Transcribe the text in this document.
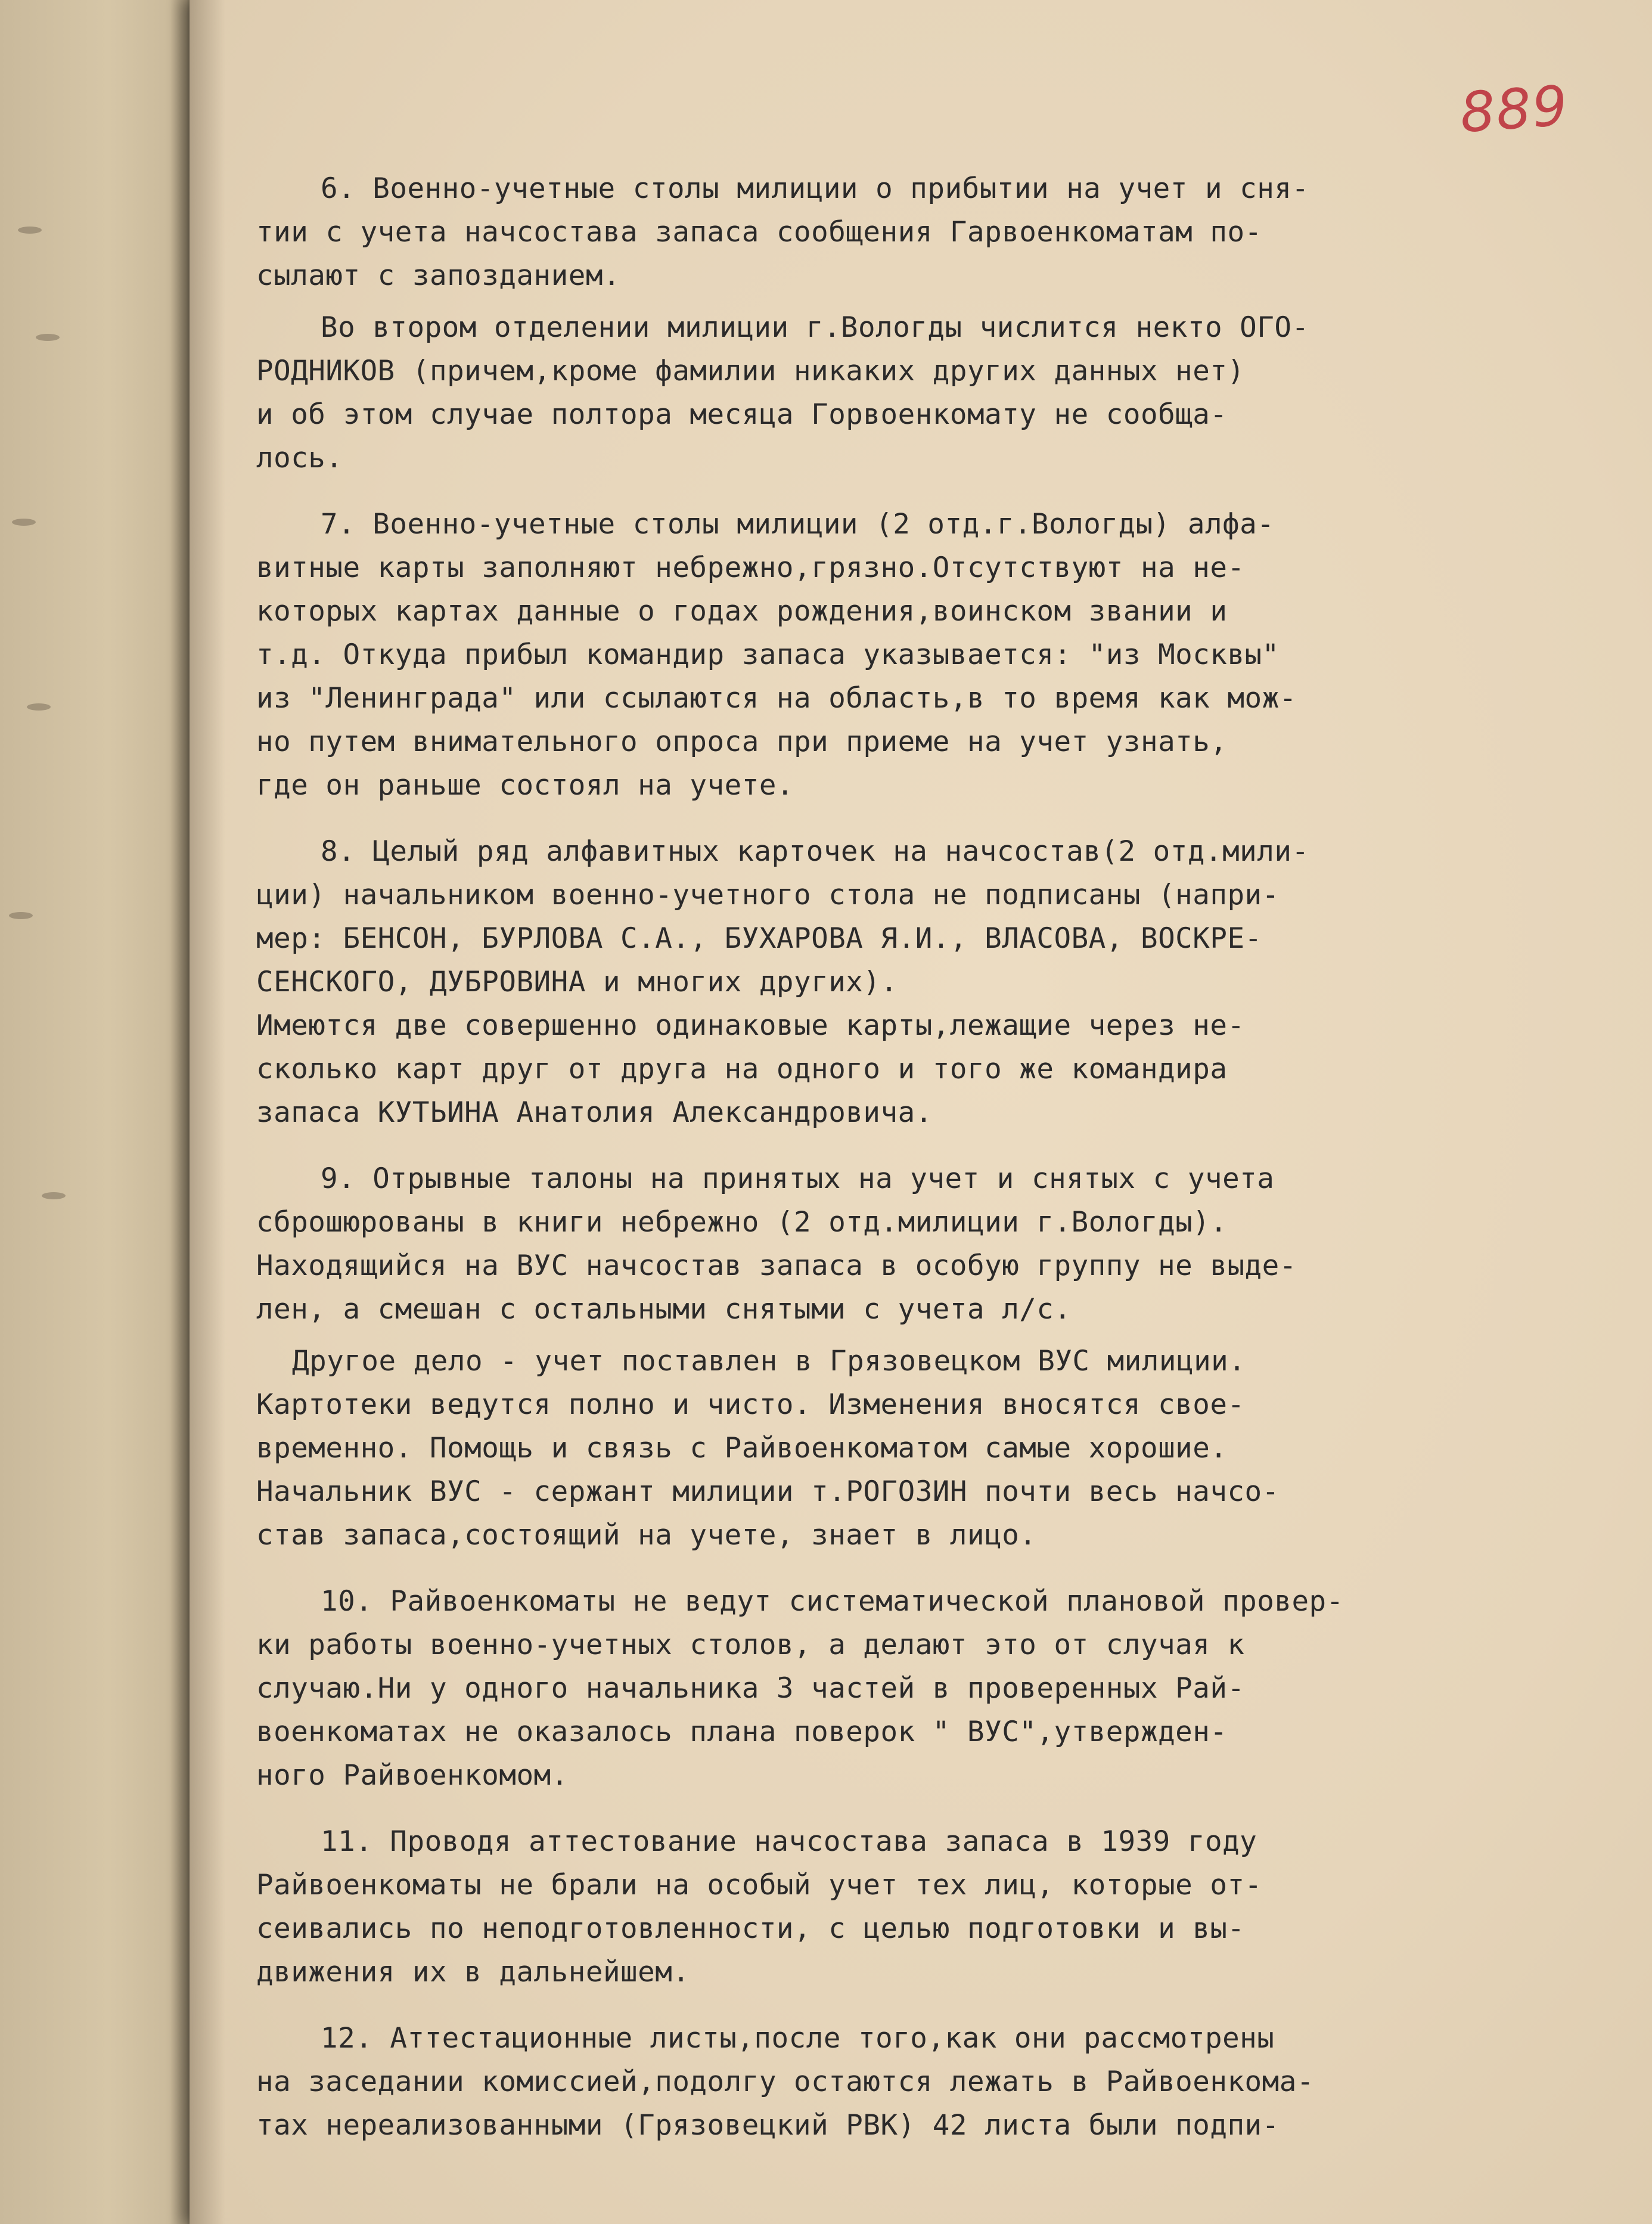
889
6. Военно-учетные столы милиции о прибытии на учет и сня-
тии с учета начсостава запаса сообщения Гарвоенкоматам по-
сылают с запозданием.
Во втором отделении милиции г.Вологды числится некто ОГО-
РОДНИКОВ (причем,кроме фамилии никаких других данных нет)
и об этом случае полтора месяца Горвоенкомату не сообща-
лось.
7. Военно-учетные столы милиции (2 отд.г.Вологды) алфа-
витные карты заполняют небрежно,грязно.Отсутствуют на не-
которых картах данные о годах рождения,воинском звании и
т.д. Откуда прибыл командир запаса указывается: "из Москвы"
из "Ленинграда" или ссылаются на область,в то время как мож-
но путем внимательного опроса при приеме на учет узнать,
где он раньше состоял на учете.
8. Целый ряд алфавитных карточек на начсостав(2 отд.мили-
ции) начальником военно-учетного стола не подписаны (напри-
мер: БЕНСОН, БУРЛОВА С.А., БУХАРОВА Я.И., ВЛАСОВА, ВОСКРЕ-
СЕНСКОГО, ДУБРОВИНА и многих других).
Имеются две совершенно одинаковые карты,лежащие через не-
сколько карт друг от друга на одного и того же командира
запаса КУТЬИНА Анатолия Александровича.
9. Отрывные талоны на принятых на учет и снятых с учета
сброшюрованы в книги небрежно (2 отд.милиции г.Вологды).
Находящийся на ВУС начсостав запаса в особую группу не выде-
лен, а смешан с остальными снятыми с учета л/с.
Другое дело - учет поставлен в Грязовецком ВУС милиции.
Картотеки ведутся полно и чисто. Изменения вносятся свое-
временно. Помощь и связь с Райвоенкоматом самые хорошие.
Начальник ВУС - сержант милиции т.РОГОЗИН почти весь начсо-
став запаса,состоящий на учете, знает в лицо.
10. Райвоенкоматы не ведут систематической плановой провер-
ки работы военно-учетных столов, а делают это от случая к
случаю.Ни у одного начальника 3 частей в проверенных Рай-
военкоматах не оказалось плана поверок " ВУС",утвержден-
ного Райвоенкомом.
11. Проводя аттестование начсостава запаса в 1939 году
Райвоенкоматы не брали на особый учет тех лиц, которые от-
сеивались по неподготовленности, с целью подготовки и вы-
движения их в дальнейшем.
12. Аттестационные листы,после того,как они рассмотрены
на заседании комиссией,подолгу остаются лежать в Райвоенкома-
тах нереализованными (Грязовецкий РВК) 42 листа были подпи-
